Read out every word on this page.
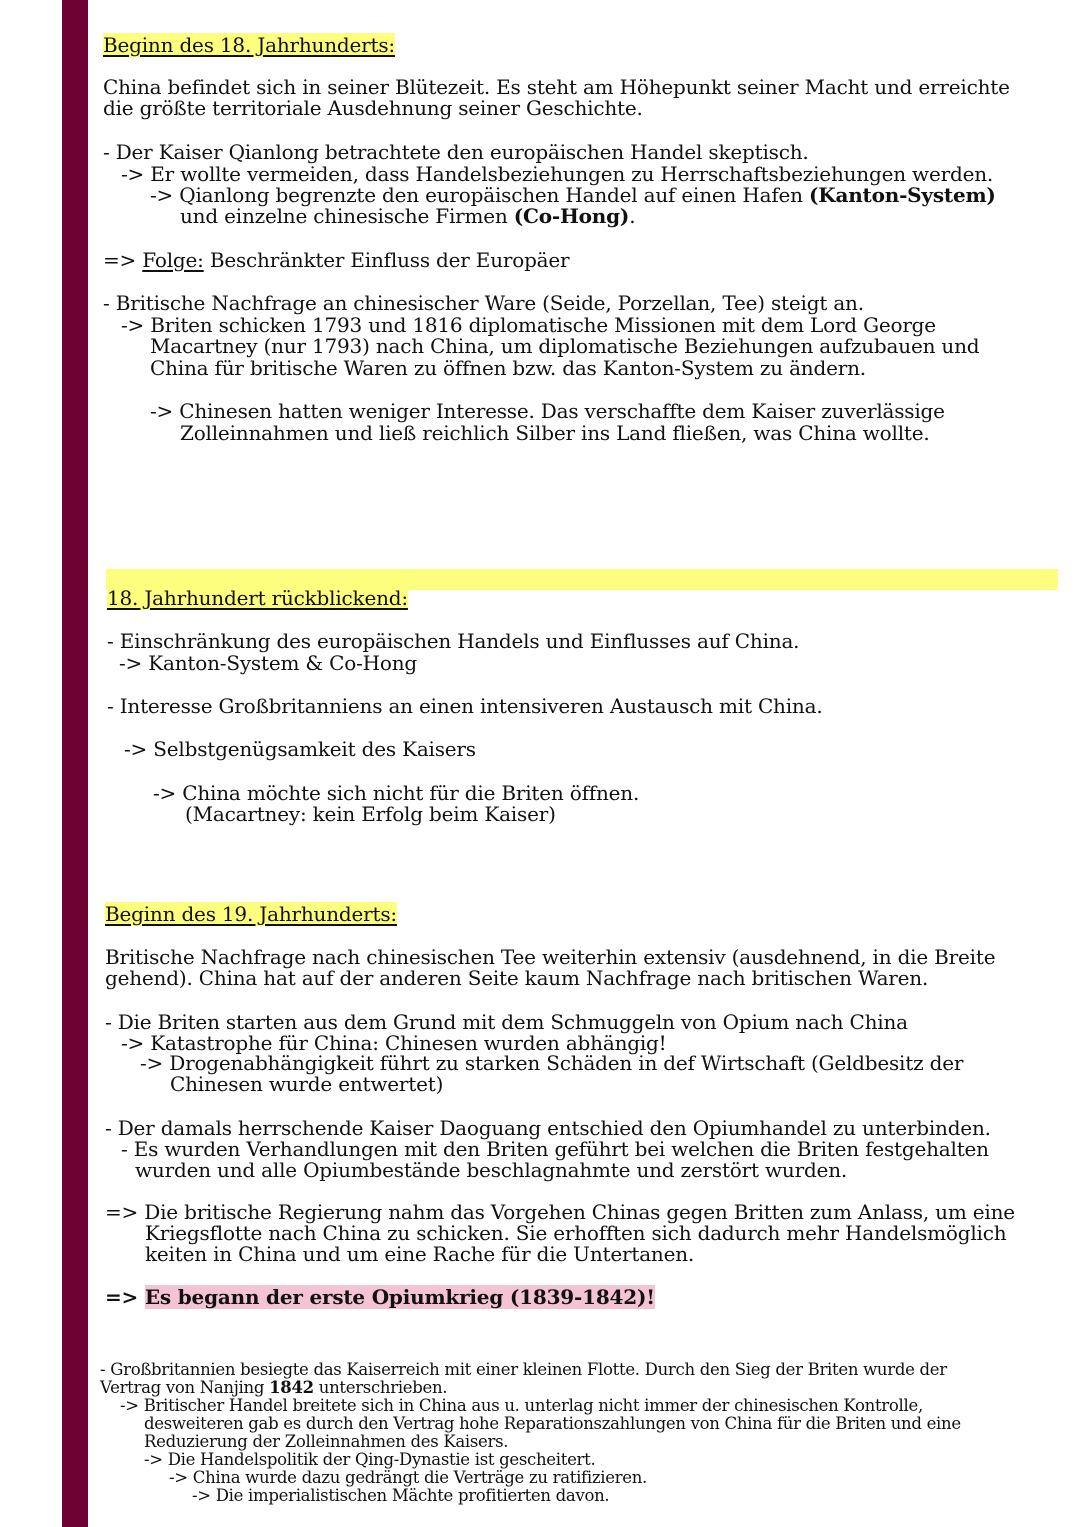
Beginn des 18. Jahrhunderts:
China befindet sich in seiner Blütezeit. Es steht am Höhepunkt seiner Macht und erreichte
die größte territoriale Ausdehnung seiner Geschichte.
- Der Kaiser Qianlong betrachtete den europäischen Handel skeptisch.
-> Er wollte vermeiden, dass Handelsbeziehungen zu Herrschaftsbeziehungen werden.
-> Qianlong begrenzte den europäischen Handel auf einen Hafen (Kanton-System)
und einzelne chinesische Firmen (Co-Hong).
=> Folge: Beschränkter Einfluss der Europäer
- Britische Nachfrage an chinesischer Ware (Seide, Porzellan, Tee) steigt an.
-> Briten schicken 1793 und 1816 diplomatische Missionen mit dem Lord George
Macartney (nur 1793) nach China, um diplomatische Beziehungen aufzubauen und
China für britische Waren zu öffnen bzw. das Kanton-System zu ändern.
-> Chinesen hatten weniger Interesse. Das verschaffte dem Kaiser zuverlässige
Zolleinnahmen und ließ reichlich Silber ins Land fließen, was China wollte.
18. Jahrhundert rückblickend:
- Einschränkung des europäischen Handels und Einflusses auf China.
-> Kanton-System & Co-Hong
- Interesse Großbritanniens an einen intensiveren Austausch mit China.
-> Selbstgenügsamkeit des Kaisers
-> China möchte sich nicht für die Briten öffnen.
(Macartney: kein Erfolg beim Kaiser)
Beginn des 19. Jahrhunderts:
Britische Nachfrage nach chinesischen Tee weiterhin extensiv (ausdehnend, in die Breite
gehend). China hat auf der anderen Seite kaum Nachfrage nach britischen Waren.
- Die Briten starten aus dem Grund mit dem Schmuggeln von Opium nach China
-> Katastrophe für China: Chinesen wurden abhängig!
-> Drogenabhängigkeit führt zu starken Schäden in def Wirtschaft (Geldbesitz der
Chinesen wurde entwertet)
- Der damals herrschende Kaiser Daoguang entschied den Opiumhandel zu unterbinden.
- Es wurden Verhandlungen mit den Briten geführt bei welchen die Briten festgehalten
wurden und alle Opiumbestände beschlagnahmte und zerstört wurden.
=> Die britische Regierung nahm das Vorgehen Chinas gegen Britten zum Anlass, um eine
Kriegsflotte nach China zu schicken. Sie erhofften sich dadurch mehr Handelsmöglich
keiten in China und um eine Rache für die Untertanen.
=> Es begann der erste Opiumkrieg (1839-1842)!
- Großbritannien besiegte das Kaiserreich mit einer kleinen Flotte. Durch den Sieg der Briten wurde der
Vertrag von Nanjing 1842 unterschrieben.
-> Britischer Handel breitete sich in China aus u. unterlag nicht immer der chinesischen Kontrolle,
desweiteren gab es durch den Vertrag hohe Reparationszahlungen von China für die Briten und eine
Reduzierung der Zolleinnahmen des Kaisers.
-> Die Handelspolitik der Qing-Dynastie ist gescheitert.
-> China wurde dazu gedrängt die Verträge zu ratifizieren.
-> Die imperialistischen Mächte profitierten davon.
